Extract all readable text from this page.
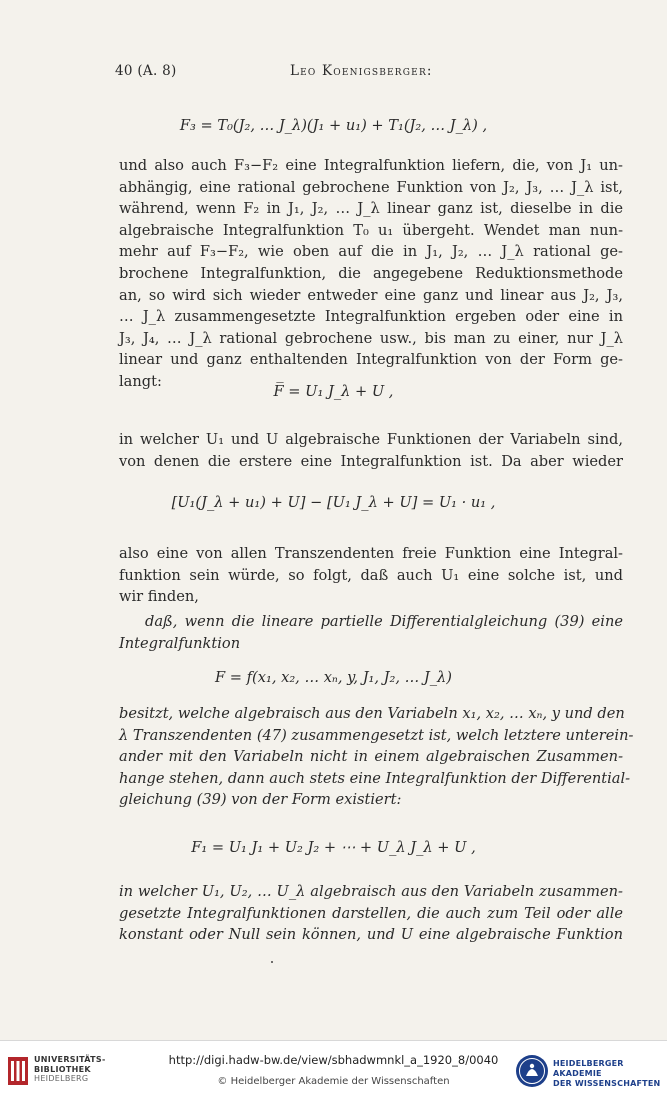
40 (A. 8)	Leo Koenigsberger:
F₃ = T₀(J₂, … J_λ)(J₁ + u₁) + T₁(J₂, … J_λ) ,
und also auch F₃−F₂ eine Integralfunktion liefern, die, von J₁ un-
abhängig, eine rational gebrochene Funktion von J₂, J₃, … J_λ ist,
während, wenn F₂ in J₁, J₂, … J_λ linear ganz ist, dieselbe in die
algebraische Integralfunktion T₀ u₁ übergeht. Wendet man nun-
mehr auf F₃−F₂, wie oben auf die in J₁, J₂, … J_λ rational ge-
brochene Integralfunktion, die angegebene Reduktionsmethode
an, so wird sich wieder entweder eine ganz und linear aus J₂, J₃,
… J_λ zusammengesetzte Integralfunktion ergeben oder eine in
J₃, J₄, … J_λ rational gebrochene usw., bis man zu einer, nur J_λ
linear und ganz enthaltenden Integralfunktion von der Form ge-
langt:
F̅ = U₁ J_λ + U ,
in welcher U₁ und U algebraische Funktionen der Variabeln sind,
von denen die erstere eine Integralfunktion ist. Da aber wieder
[U₁(J_λ + u₁) + U] − [U₁ J_λ + U] = U₁ · u₁ ,
also eine von allen Transzendenten freie Funktion eine Integral-
funktion sein würde, so folgt, daß auch U₁ eine solche ist, und
wir finden,
daß, wenn die lineare partielle Differentialgleichung (39) eine
Integralfunktion
F = f(x₁, x₂, … xₙ, y, J₁, J₂, … J_λ)
besitzt, welche algebraisch aus den Variabeln x₁, x₂, … xₙ, y und den
λ Transzendenten (47) zusammengesetzt ist, welch letztere unterein-
ander mit den Variabeln nicht in einem algebraischen Zusammen-
hange stehen, dann auch stets eine Integralfunktion der Differential-
gleichung (39) von der Form existiert:
F₁ = U₁ J₁ + U₂ J₂ + ⋯ + U_λ J_λ + U ,
in welcher U₁, U₂, … U_λ algebraisch aus den Variabeln zusammen-
gesetzte Integralfunktionen darstellen, die auch zum Teil oder alle
konstant oder Null sein können, und U eine algebraische Funktion
UNIVERSITÄTS-
BIBLIOTHEK
HEIDELBERG
http://digi.hadw-bw.de/view/sbhadwmnkl_a_1920_8/0040
© Heidelberger Akademie der Wissenschaften
HEIDELBERGER AKADEMIE
DER WISSENSCHAFTEN
